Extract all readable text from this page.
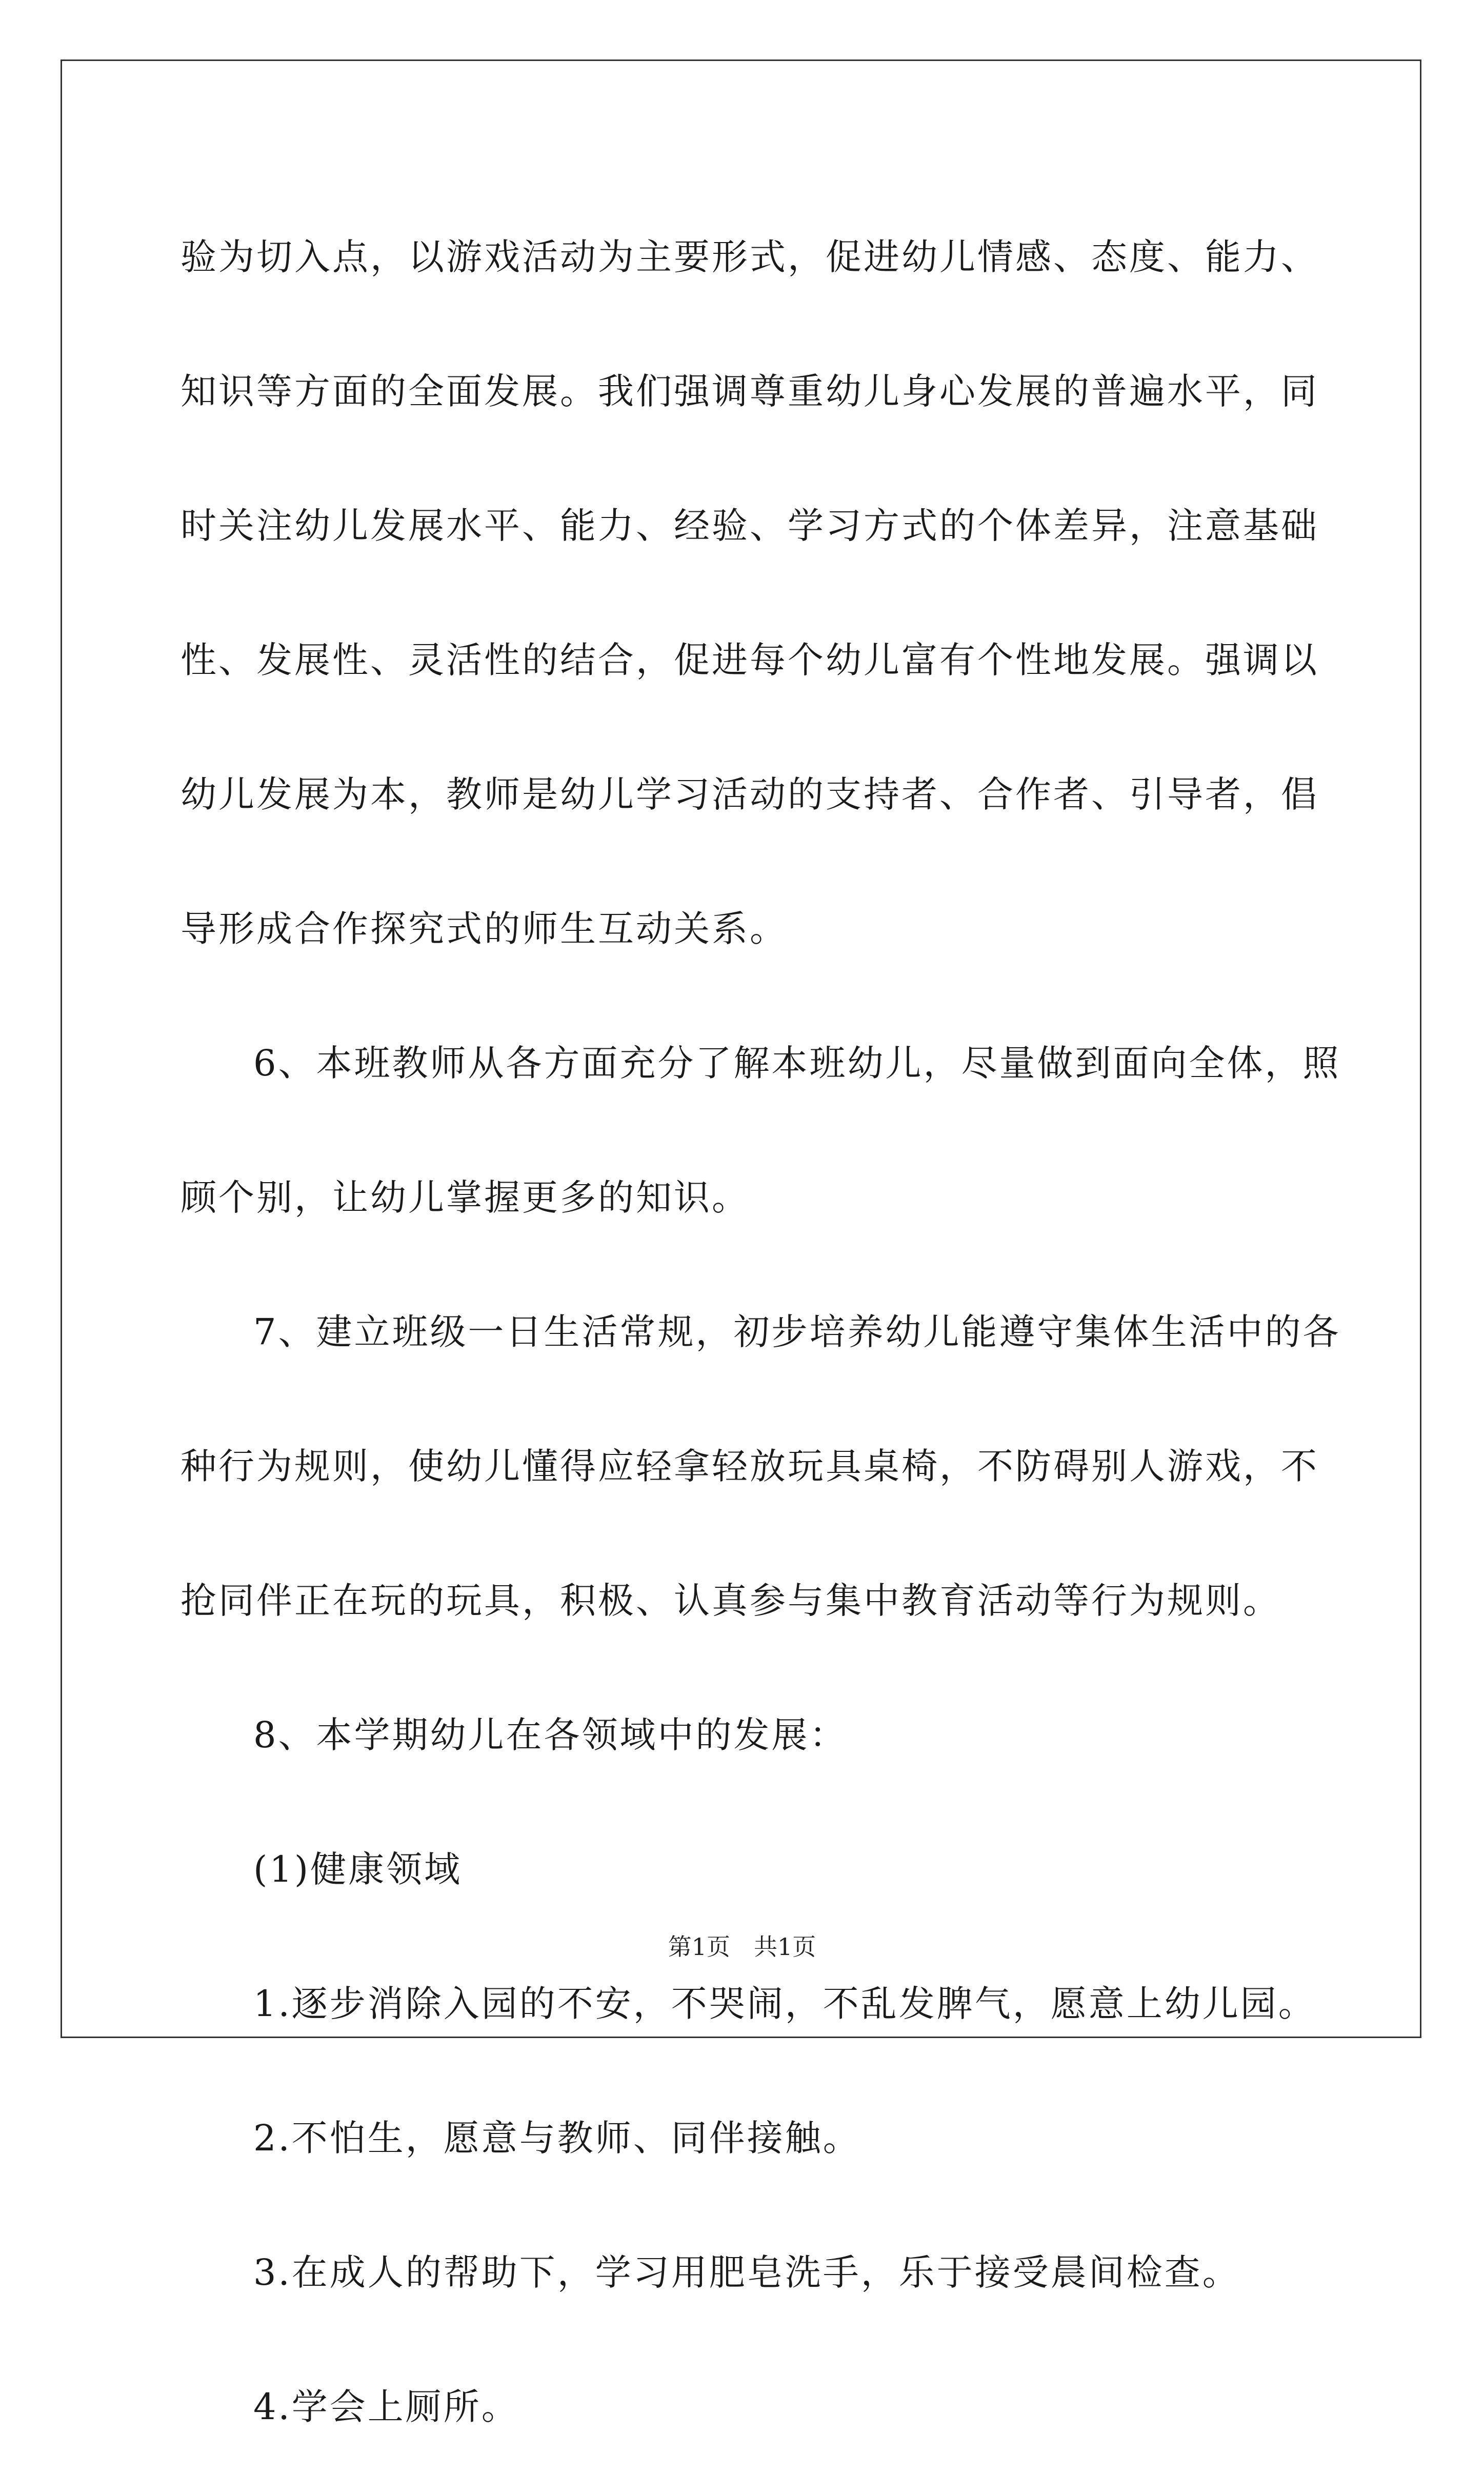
验为切入点，以游戏活动为主要形式，促进幼儿情感、态度、能力、

知识等方面的全面发展。我们强调尊重幼儿身心发展的普遍水平，同

时关注幼儿发展水平、能力、经验、学习方式的个体差异，注意基础

性、发展性、灵活性的结合，促进每个幼儿富有个性地发展。强调以

幼儿发展为本，教师是幼儿学习活动的支持者、合作者、引导者，倡

导形成合作探究式的师生互动关系。

6、本班教师从各方面充分了解本班幼儿，尽量做到面向全体，照

顾个别，让幼儿掌握更多的知识。

7、建立班级一日生活常规，初步培养幼儿能遵守集体生活中的各

种行为规则，使幼儿懂得应轻拿轻放玩具桌椅，不防碍别人游戏，不

抢同伴正在玩的玩具，积极、认真参与集中教育活动等行为规则。

8、本学期幼儿在各领域中的发展：

(1)健康领域

1.逐步消除入园的不安，不哭闹，不乱发脾气，愿意上幼儿园。

2.不怕生，愿意与教师、同伴接触。

3.在成人的帮助下，学习用肥皂洗手，乐于接受晨间检查。

4.学会上厕所。

第1页　共1页
